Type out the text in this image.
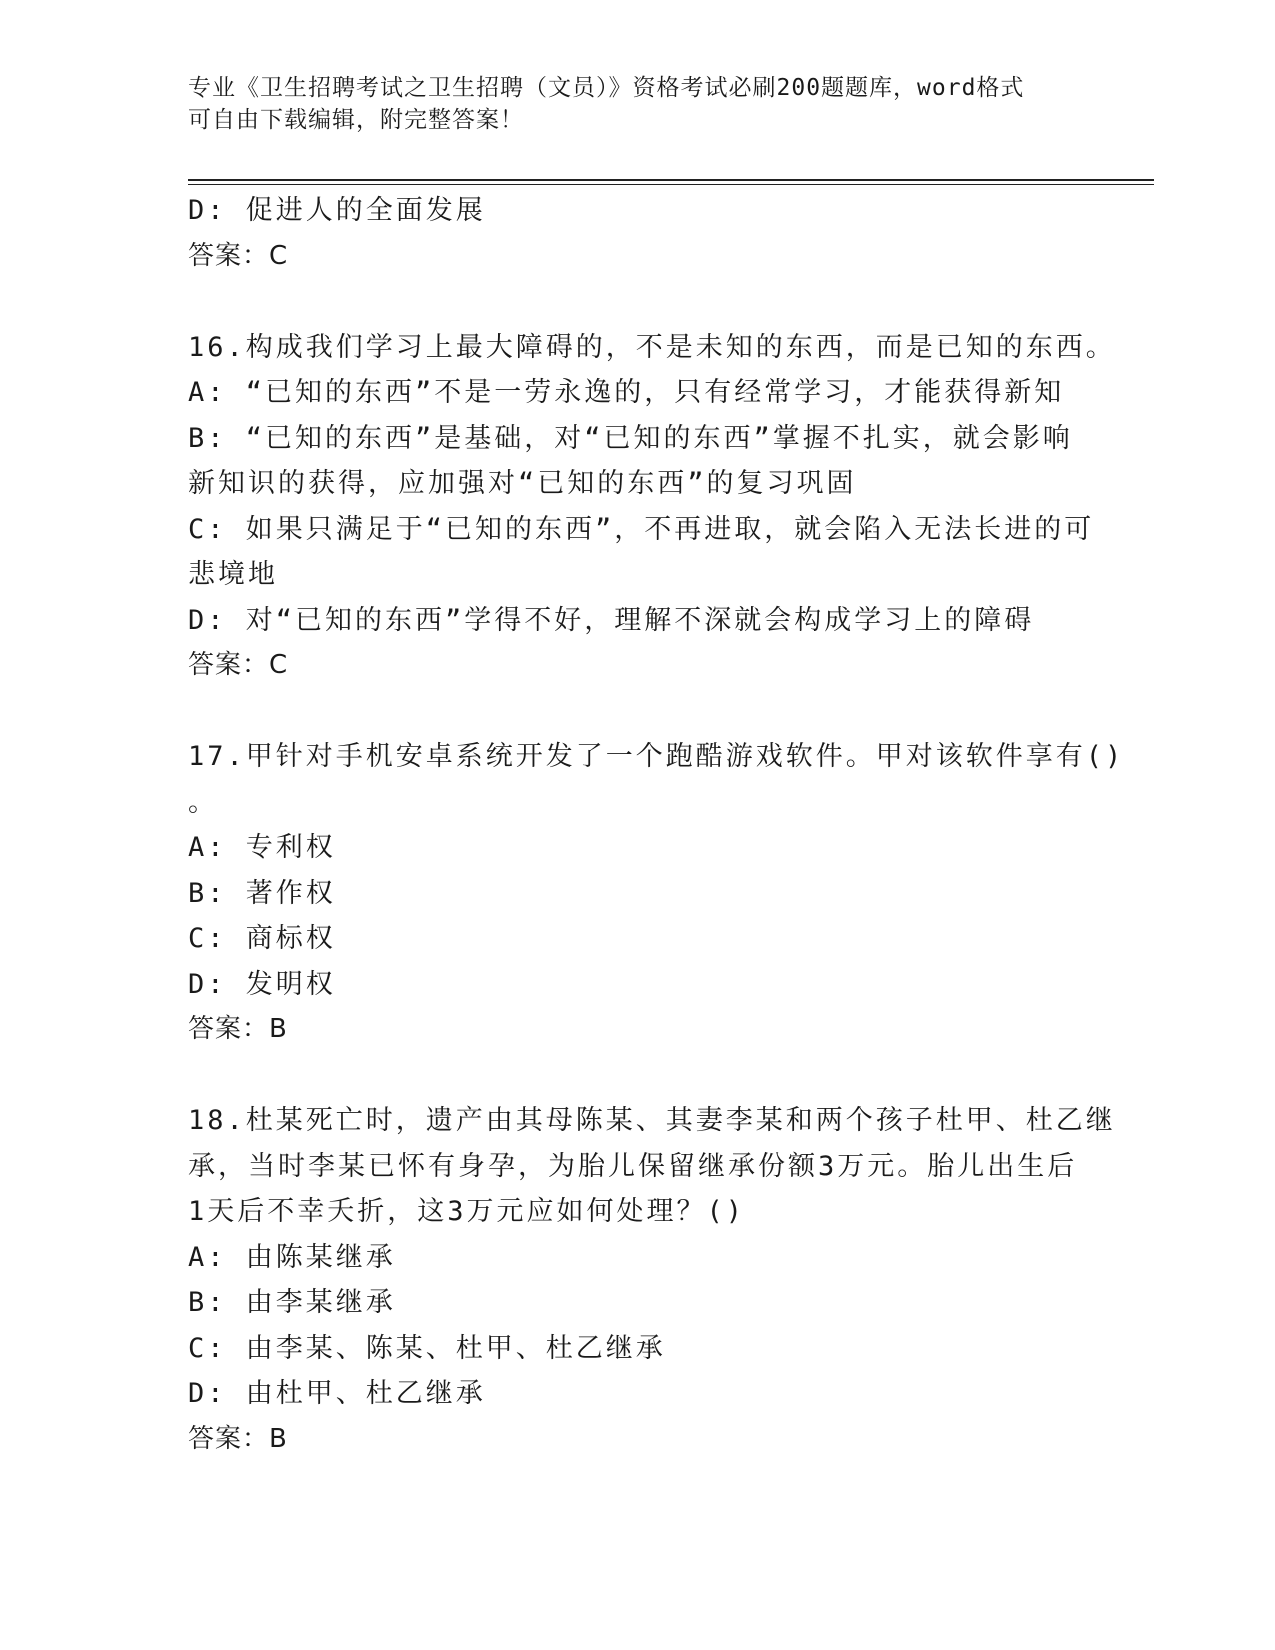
专业《卫生招聘考试之卫生招聘（文员）》资格考试必刷200题题库，word格式
可自由下载编辑，附完整答案！

D: 促进人的全面发展

答案：C

16.构成我们学习上最大障碍的，不是未知的东西，而是已知的东西。

A: “已知的东西”不是一劳永逸的，只有经常学习，才能获得新知

B: “已知的东西”是基础，对“已知的东西”掌握不扎实，就会影响

新知识的获得，应加强对“已知的东西”的复习巩固

C: 如果只满足于“已知的东西”，不再进取，就会陷入无法长进的可

悲境地

D: 对“已知的东西”学得不好，理解不深就会构成学习上的障碍

答案：C

17.甲针对手机安卓系统开发了一个跑酷游戏软件。甲对该软件享有()

。

A: 专利权

B: 著作权

C: 商标权

D: 发明权

答案：B

18.杜某死亡时，遗产由其母陈某、其妻李某和两个孩子杜甲、杜乙继

承，当时李某已怀有身孕，为胎儿保留继承份额3万元。胎儿出生后

1天后不幸夭折，这3万元应如何处理？()

A: 由陈某继承

B: 由李某继承

C: 由李某、陈某、杜甲、杜乙继承

D: 由杜甲、杜乙继承

答案：B
